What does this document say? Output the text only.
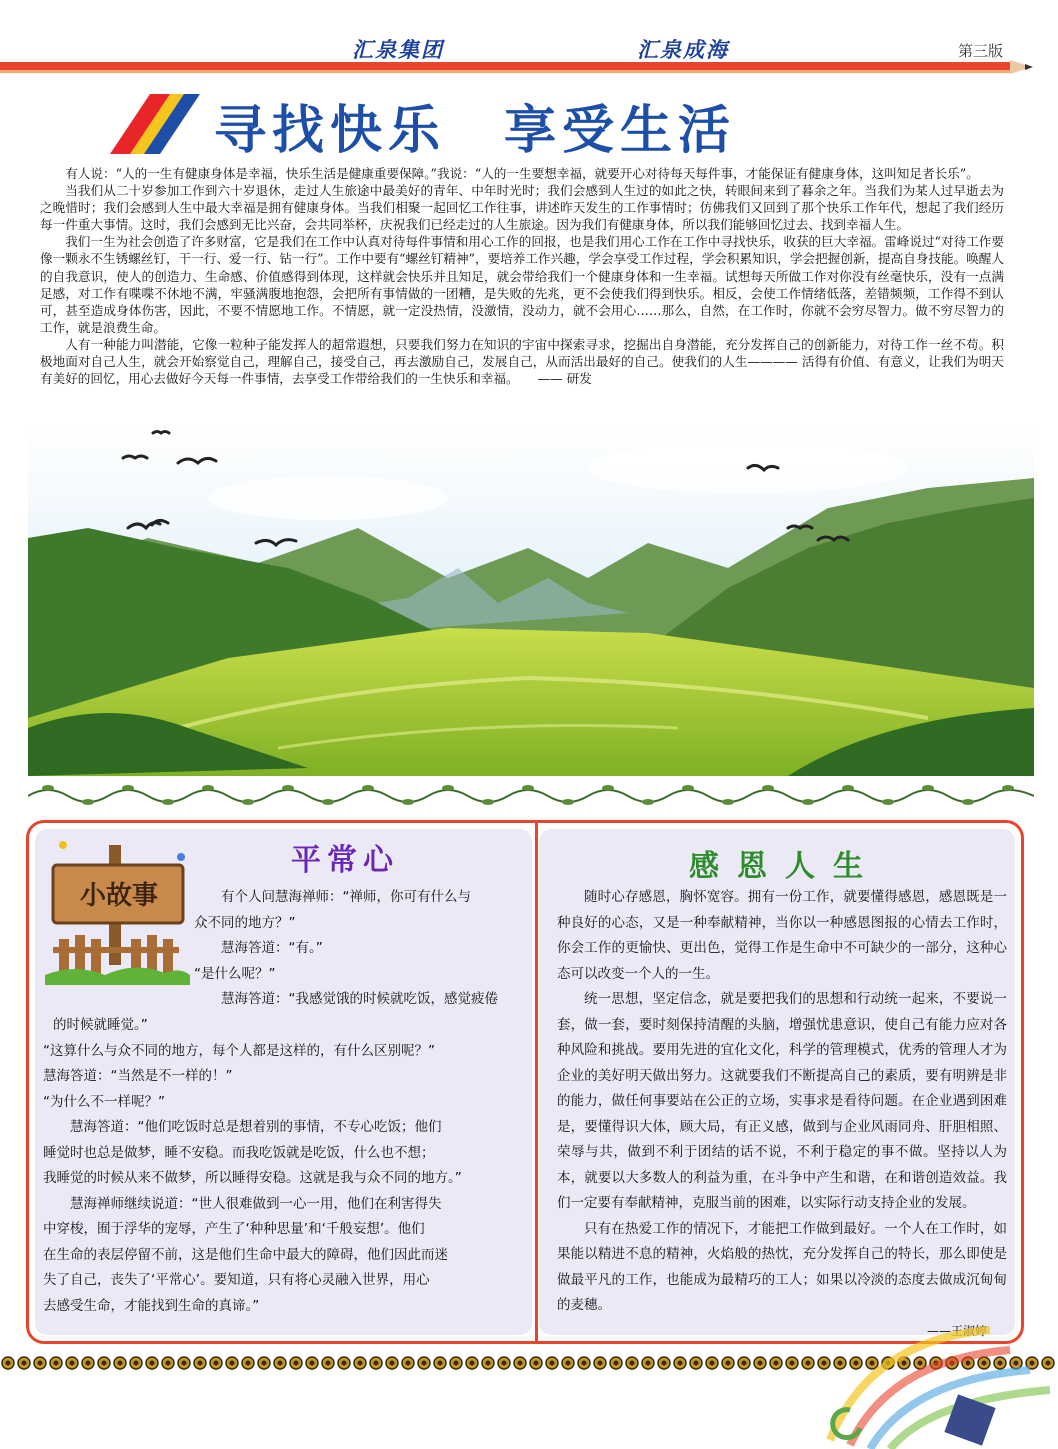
汇泉集团	汇泉成海	第三版
寻找快乐　享受生活

有人说：“人的一生有健康身体是幸福，快乐生活是健康重要保障。”我说：“人的一生要想幸福，就要开心对待每天每件事，才能保证有健康身体，这叫知足者长乐”。

当我们从二十岁参加工作到六十岁退休，走过人生旅途中最美好的青年、中年时光时；我们会感到人生过的如此之快，转眼间来到了暮余之年。当我们为某人过早逝去为之晚惜时；我们会感到人生中最大幸福是拥有健康身体。当我们相聚一起回忆工作往事，讲述昨天发生的工作事情时；仿佛我们又回到了那个快乐工作年代，想起了我们经历每一件重大事情。这时，我们会感到无比兴奋，会共同举杯，庆祝我们已经走过的人生旅途。因为我们有健康身体，所以我们能够回忆过去、找到幸福人生。

我们一生为社会创造了许多财富，它是我们在工作中认真对待每件事情和用心工作的回报，也是我们用心工作在工作中寻找快乐，收获的巨大幸福。雷峰说过“对待工作要像一颗永不生锈螺丝钉，干一行、爱一行、钻一行”。工作中要有“螺丝钉精神”，要培养工作兴趣，学会享受工作过程，学会积累知识，学会把握创新，提高自身技能。唤醒人的自我意识，使人的创造力、生命感、价值感得到体现，这样就会快乐并且知足，就会带给我们一个健康身体和一生幸福。试想每天所做工作对你没有丝毫快乐，没有一点满足感，对工作有喋喋不休地不满，牢骚满腹地抱怨，会把所有事情做的一团糟，是失败的先兆，更不会使我们得到快乐。相反，会使工作情绪低落，差错频频，工作得不到认可，甚至造成身体伤害，因此，不要不情愿地工作。不情愿，就一定没热情，没激情，没动力，就不会用心……那么，自然，在工作时，你就不会穷尽智力。做不穷尽智力的工作，就是浪费生命。

人有一种能力叫潜能，它像一粒种子能发挥人的超常遐想，只要我们努力在知识的宇宙中探索寻求，挖掘出自身潜能，充分发挥自己的创新能力，对待工作一丝不苟。积极地面对自己人生，就会开始察觉自己，理解自己，接受自己，再去激励自己，发展自己，从而活出最好的自己。使我们的人生———— 活得有价值、有意义，让我们为明天有美好的回忆，用心去做好今天每一件事情，去享受工作带给我们的一生快乐和幸福。　　—— 研发

小故事
平常心	感恩人生

有个人问慧海禅师：“禅师，你可有什么与

众不同的地方？”

慧海答道：“有。”

“是什么呢？”

慧海答道：“我感觉饿的时候就吃饭，感觉疲倦

的时候就睡觉。”

“这算什么与众不同的地方，每个人都是这样的，有什么区别呢？”

慧海答道：“当然是不一样的！”

“为什么不一样呢？”

慧海答道：“他们吃饭时总是想着别的事情，不专心吃饭；他们

睡觉时也总是做梦，睡不安稳。而我吃饭就是吃饭，什么也不想；

我睡觉的时候从来不做梦，所以睡得安稳。这就是我与众不同的地方。”

慧海禅师继续说道：“世人很难做到一心一用，他们在利害得失

中穿梭，囿于浮华的宠辱，产生了‘种种思量’和‘千般妄想’。他们

在生命的表层停留不前，这是他们生命中最大的障碍，他们因此而迷

失了自己，丧失了‘平常心’。要知道，只有将心灵融入世界，用心

去感受生命，才能找到生命的真谛。”

随时心存感恩，胸怀宽容。拥有一份工作，就要懂得感恩，感恩既是一种良好的心态，又是一种奉献精神，当你以一种感恩图报的心情去工作时，你会工作的更愉快、更出色，觉得工作是生命中不可缺少的一部分，这种心态可以改变一个人的一生。

统一思想，坚定信念，就是要把我们的思想和行动统一起来，不要说一套，做一套，要时刻保持清醒的头脑，增强忧患意识，使自己有能力应对各种风险和挑战。要用先进的宜化文化，科学的管理模式，优秀的管理人才为企业的美好明天做出努力。这就要我们不断提高自己的素质，要有明辨是非的能力，做任何事要站在公正的立场，实事求是看待问题。在企业遇到困难是，要懂得识大体，顾大局，有正义感，做到与企业风雨同舟、肝胆相照、荣辱与共，做到不利于团结的话不说，不利于稳定的事不做。坚持以人为本，就要以大多数人的利益为重，在斗争中产生和谐，在和谐创造效益。我们一定要有奉献精神，克服当前的困难，以实际行动支持企业的发展。

只有在热爱工作的情况下，才能把工作做到最好。一个人在工作时，如果能以精进不息的精神，火焰般的热忱，充分发挥自己的特长，那么即使是做最平凡的工作，也能成为最精巧的工人；如果以冷淡的态度去做成沉甸甸的麦穗。

——王淑婷
